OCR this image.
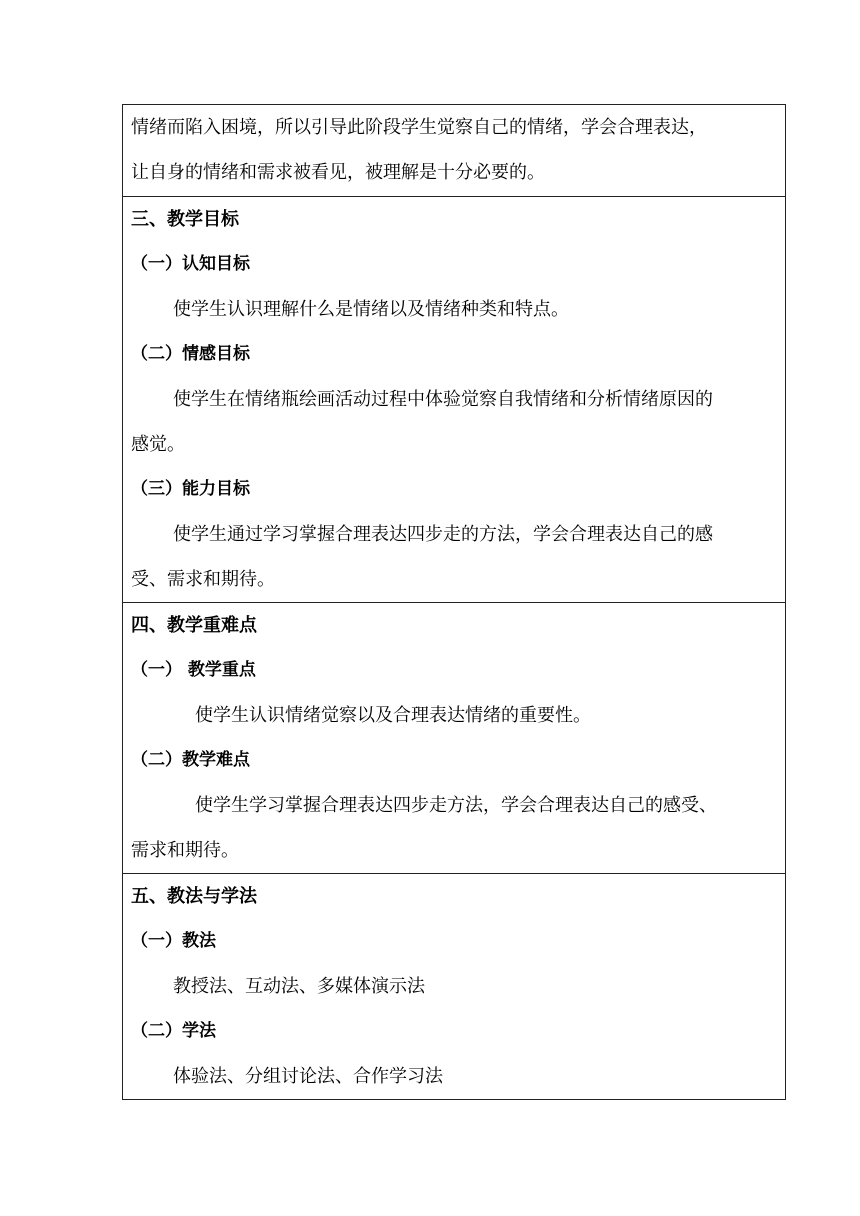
情绪而陷入困境，所以引导此阶段学生觉察自己的情绪，学会合理表达，
让自身的情绪和需求被看见，被理解是十分必要的。
三、教学目标
（一）认知目标
使学生认识理解什么是情绪以及情绪种类和特点。
（二）情感目标
使学生在情绪瓶绘画活动过程中体验觉察自我情绪和分析情绪原因的
感觉。
（三）能力目标
使学生通过学习掌握合理表达四步走的方法，学会合理表达自己的感
受、需求和期待。
四、教学重难点
（一） 教学重点
使学生认识情绪觉察以及合理表达情绪的重要性。
（二）教学难点
使学生学习掌握合理表达四步走方法，学会合理表达自己的感受、
需求和期待。
五、教法与学法
（一）教法
教授法、互动法、多媒体演示法
（二）学法
体验法、分组讨论法、合作学习法
